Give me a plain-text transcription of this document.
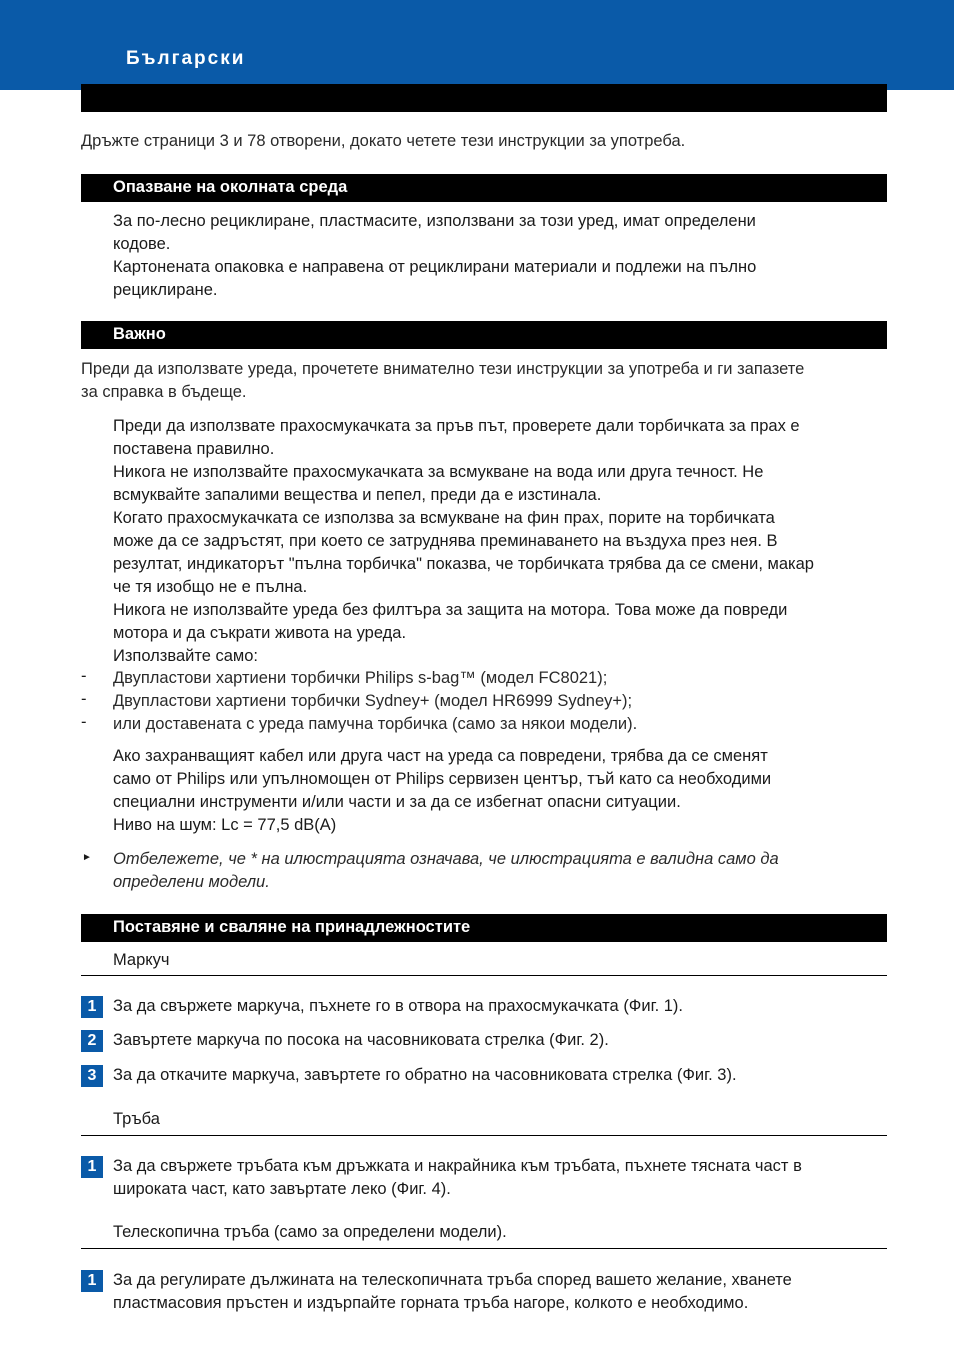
Български

Дръжте страници 3 и 78 отворени, докато четете тези инструкции за употреба.

Опазване на околната среда

За по-лесно рециклиране, пластмасите, използвани за този уред, имат определени

кодове.

Картонената опаковка е направена от рециклирани материали и подлежи на пълно

рециклиране.

Важно

Преди да използвате уреда, прочетете внимателно тези инструкции за употреба и ги запазете

за справка в бъдеще.

Преди да използвате прахосмукачката за пръв път, проверете дали торбичката за прах е

поставена правилно.

Никога не използвайте прахосмукачката за всмукване на вода или друга течност. Не

всмуквайте запалими вещества и пепел, преди да е изстинала.

Когато прахосмукачката се използва за всмукване на фин прах, порите на торбичката

може да се задръстят, при което се затруднява преминаването на въздуха през нея. В

резултат, индикаторът "пълна торбичка" показва, че торбичката трябва да се смени, макар

че тя изобщо не е пълна.

Никога не използвайте уреда без филтъра за защита на мотора. Това може да повреди

мотора и да съкрати живота на уреда.

Използвайте само:

- Двупластови хартиени торбички Philips s-bag™ (модел FC8021);

- Двупластови хартиени торбички Sydney+ (модел HR6999 Sydney+);

- или доставената с уреда памучна торбичка (само за някои модели).

Ако захранващият кабел или друга част на уреда са повредени, трябва да се сменят

само от Philips или упълномощен от Philips сервизен център, тъй като са необходими

специални инструменти и/или части и за да се избегнат опасни ситуации.

Ниво на шум: Lc = 77,5 dB(A)

► Отбележете, че * на илюстрацията означава, че илюстрацията е валидна само да

определени модели.

Поставяне и сваляне на принадлежностите
Маркуч
1	За да свържете маркуча, пъхнете го в отвора на прахосмукачката (Фиг. 1).

2	Завъртете маркуча по посока на часовниковата стрелка (Фиг. 2).

3	За да откачите маркуча, завъртете го обратно на часовниковата стрелка (Фиг. 3).

Тръба
1	За да свържете тръбата към дръжката и накрайника към тръбата, пъхнете тясната част в

широката част, като завъртате леко (Фиг. 4).

Телескопична тръба (само за определени модели).
1	За да регулирате дължината на телескопичната тръба според вашето желание, хванете

пластмасовия пръстен и издърпайте горната тръба нагоре, колкото е необходимо.
